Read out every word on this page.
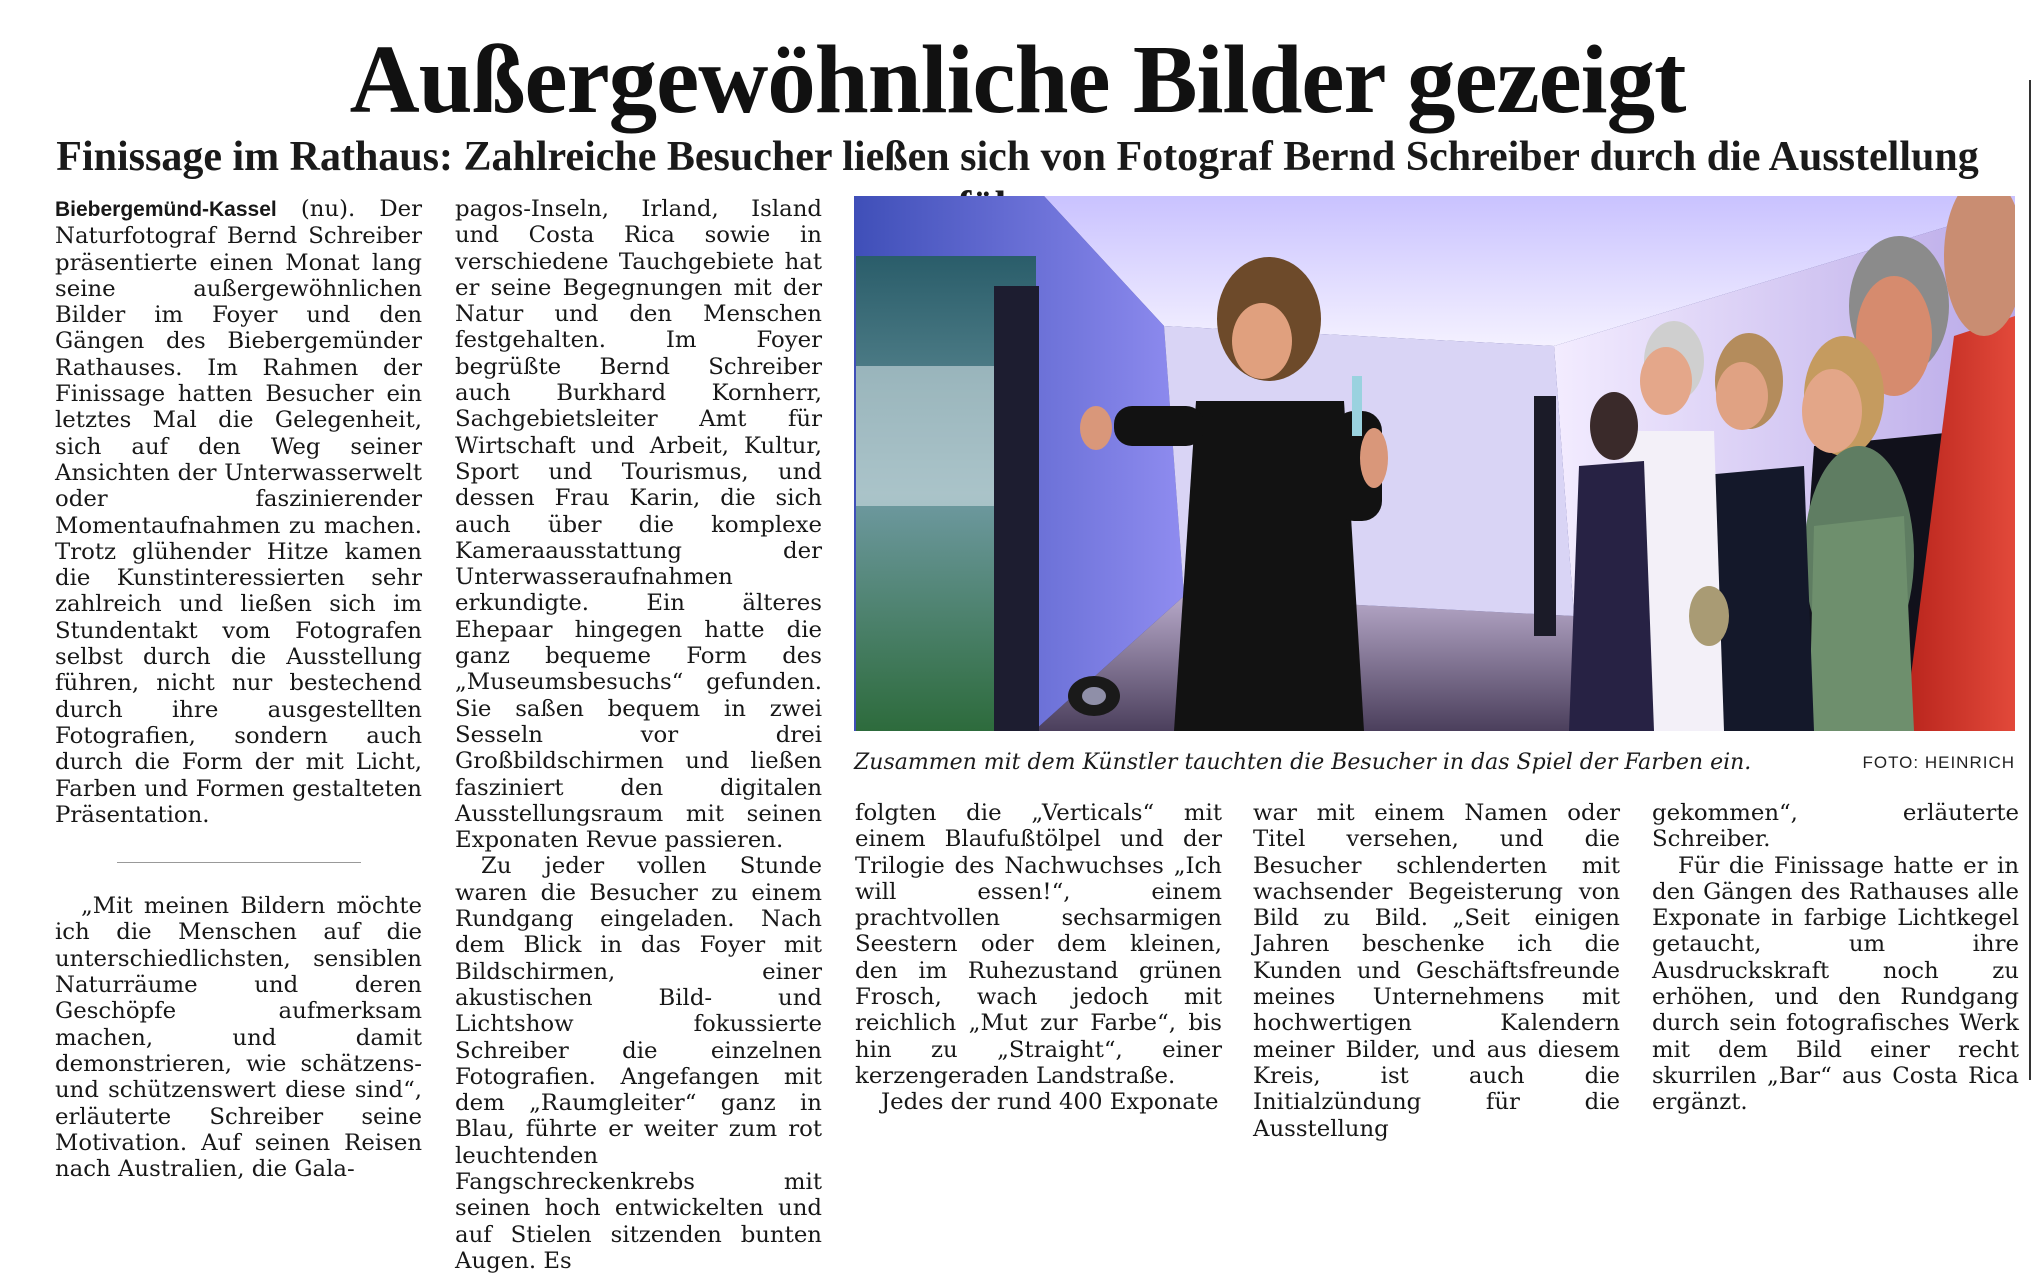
Außergewöhnliche Bilder gezeigt
Finissage im Rathaus: Zahlreiche Besucher ließen sich von Fotograf Bernd Schreiber durch die Ausstellung

Biebergemünd-Kassel (nu). Der Naturfotograf Bernd Schreiber präsentierte einen Monat lang seine außergewöhnlichen Bilder im Foyer und den Gängen des Biebergemünder Rathauses. Im Rahmen der Finissage hatten Besucher ein letztes Mal die Gelegenheit, sich auf den Weg seiner Ansichten der Unterwasserwelt oder faszinierender Momentaufnahmen zu machen. Trotz glühender Hitze kamen die Kunstinteressierten sehr zahlreich und ließen sich im Stundentakt vom Fotografen selbst durch die Ausstellung führen, nicht nur bestechend durch ihre ausgestellten Fotografien, sondern auch durch die Form der mit Licht, Farben und Formen gestalteten Präsentation.

„Mit meinen Bildern möchte ich die Menschen auf die unterschiedlichsten, sensiblen Naturräume und deren Geschöpfe aufmerksam machen, und damit demonstrieren, wie schätzens- und schützenswert diese sind“, erläuterte Schreiber seine Motivation. Auf seinen Reisen nach Australien, die Gala-

pagos-Inseln, Irland, Island und Costa Rica sowie in verschiedene Tauchgebiete hat er seine Begegnungen mit der Natur und den Menschen festgehalten. Im Foyer begrüßte Bernd Schreiber auch Burkhard Kornherr, Sachgebietsleiter Amt für Wirtschaft und Arbeit, Kultur, Sport und Tourismus, und dessen Frau Karin, die sich auch über die komplexe Kameraausstattung der Unterwasseraufnahmen erkundigte. Ein älteres Ehepaar hingegen hatte die ganz bequeme Form des „Museumsbesuchs“ gefunden. Sie saßen bequem in zwei Sesseln vor drei Großbildschirmen und ließen fasziniert den digitalen Ausstellungsraum mit seinen Exponaten Revue passieren.

Zu jeder vollen Stunde waren die Besucher zu einem Rundgang eingeladen. Nach dem Blick in das Foyer mit Bildschirmen, einer akustischen Bild- und Lichtshow fokussierte Schreiber die einzelnen Fotografien. Angefangen mit dem „Raumgleiter“ ganz in Blau, führte er weiter zum rot leuchtenden Fangschreckenkrebs mit seinen hoch entwickelten und auf Stielen sitzenden bunten Augen. Es

Zusammen mit dem Künstler tauchten die Besucher in das Spiel der Farben ein.	FOTO: HEINRICH

folgten die „Verticals“ mit einem Blaufußtölpel und der Trilogie des Nachwuchses „Ich will essen!“, einem prachtvollen sechsarmigen Seestern oder dem kleinen, den im Ruhezustand grünen Frosch, wach jedoch mit reichlich „Mut zur Farbe“, bis hin zu „Straight“, einer kerzengeraden Landstraße.

Jedes der rund 400 Exponate

war mit einem Namen oder Titel versehen, und die Besucher schlenderten mit wachsender Begeisterung von Bild zu Bild. „Seit einigen Jahren beschenke ich die Kunden und Geschäftsfreunde meines Unternehmens mit hochwertigen Kalendern meiner Bilder, und aus diesem Kreis, ist auch die Initialzündung für die Ausstellung

gekommen“, erläuterte Schreiber.

Für die Finissage hatte er in den Gängen des Rathauses alle Exponate in farbige Lichtkegel getaucht, um ihre Ausdruckskraft noch zu erhöhen, und den Rundgang durch sein fotografisches Werk mit dem Bild einer recht skurrilen „Bar“ aus Costa Rica ergänzt.
